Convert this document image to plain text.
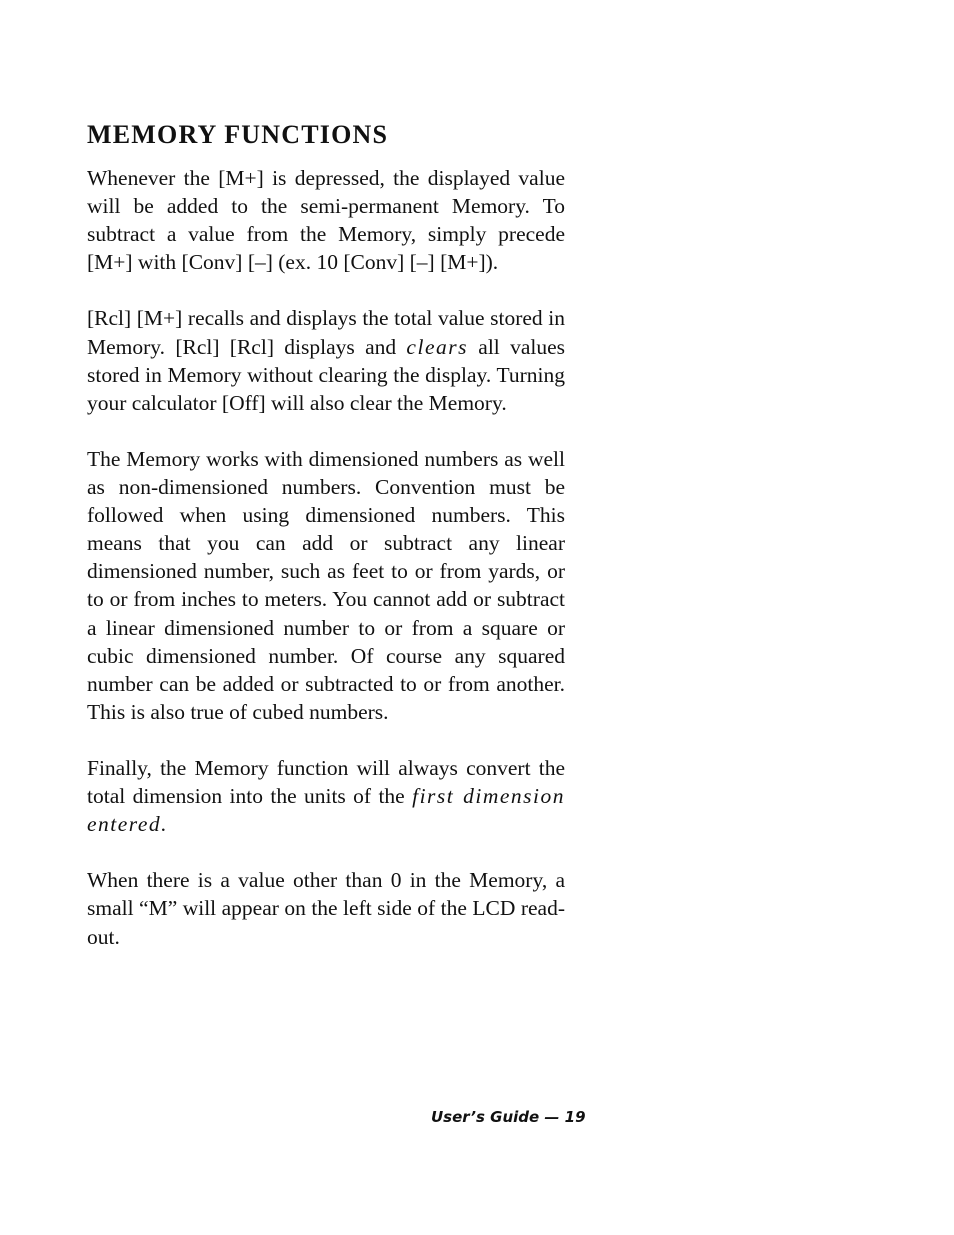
MEMORY FUNCTIONS

Whenever the [M+] is depressed, the displayed value will be added to the semi-permanent Memory. To subtract a value from the Memory, simply precede [M+] with [Conv] [–] (ex. 10 [Conv] [–] [M+]).

[Rcl] [M+] recalls and displays the total value stored in Memory. [Rcl] [Rcl] displays and clears all values stored in Memory without clearing the display. Turning your calculator [Off] will also clear the Memory.

The Memory works with dimensioned numbers as well as non-dimensioned numbers. Convention must be followed when using dimensioned numbers. This means that you can add or subtract any linear dimensioned number, such as feet to or from yards, or to or from inches to meters. You cannot add or subtract a linear dimensioned number to or from a square or cubic dimensioned number. Of course any squared number can be added or subtracted to or from another. This is also true of cubed numbers.

Finally, the Memory function will always convert the total dimension into the units of the first dimension entered.

When there is a value other than 0 in the Memory, a small “M” will appear on the left side of the LCD read-out.

User’s Guide — 19
